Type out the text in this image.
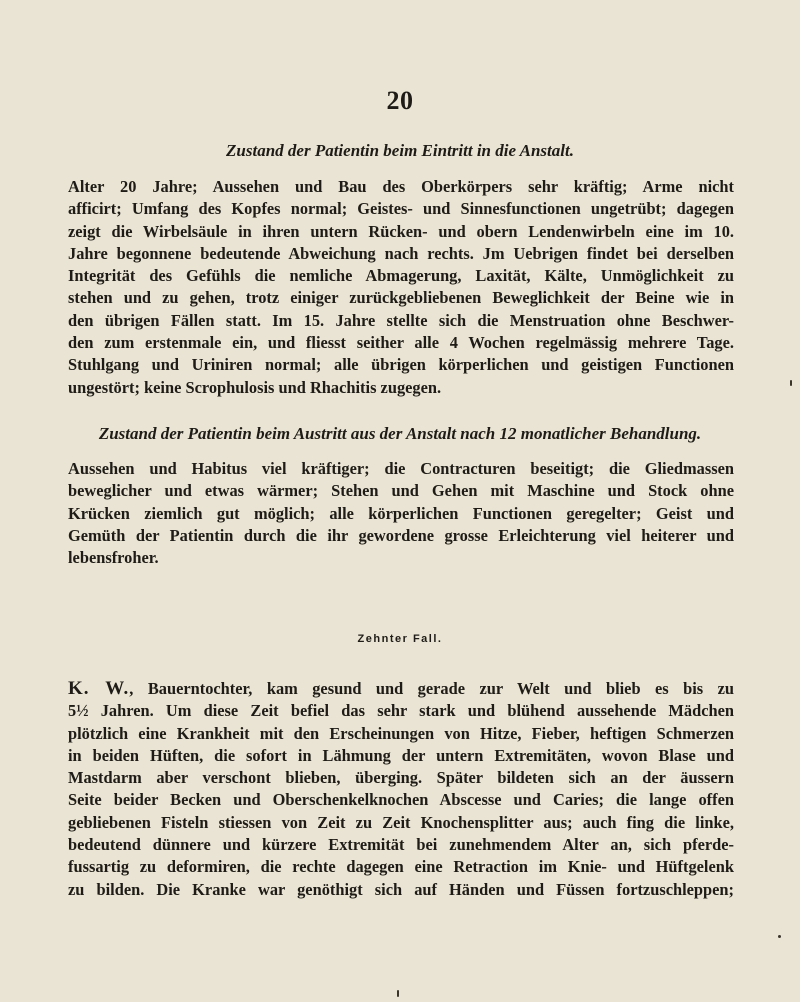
20
Zustand der Patientin beim Eintritt in die Anstalt.
Alter 20 Jahre; Aussehen und Bau des Oberkörpers sehr kräftig; Arme nicht
afficirt; Umfang des Kopfes normal; Geistes- und Sinnesfunctionen ungetrübt; dagegen
zeigt die Wirbelsäule in ihren untern Rücken- und obern Lendenwirbeln eine im 10.
Jahre begonnene bedeutende Abweichung nach rechts. Jm Uebrigen findet bei derselben
Integrität des Gefühls die nemliche Abmagerung, Laxität, Kälte, Unmöglichkeit zu
stehen und zu gehen, trotz einiger zurückgebliebenen Beweglichkeit der Beine wie in
den übrigen Fällen statt. Im 15. Jahre stellte sich die Menstruation ohne Beschwer-
den zum erstenmale ein, und fliesst seither alle 4 Wochen regelmässig mehrere Tage.
Stuhlgang und Uriniren normal; alle übrigen körperlichen und geistigen Functionen
ungestört; keine Scrophulosis und Rhachitis zugegen.
Zustand der Patientin beim Austritt aus der Anstalt nach 12 monatlicher Behandlung.
Aussehen und Habitus viel kräftiger; die Contracturen beseitigt; die Gliedmassen
beweglicher und etwas wärmer; Stehen und Gehen mit Maschine und Stock ohne
Krücken ziemlich gut möglich; alle körperlichen Functionen geregelter; Geist und
Gemüth der Patientin durch die ihr gewordene grosse Erleichterung viel heiterer und
lebensfroher.
Zehnter Fall.
K. W., Bauerntochter, kam gesund und gerade zur Welt und blieb es bis zu
5½ Jahren. Um diese Zeit befiel das sehr stark und blühend aussehende Mädchen
plötzlich eine Krankheit mit den Erscheinungen von Hitze, Fieber, heftigen Schmerzen
in beiden Hüften, die sofort in Lähmung der untern Extremitäten, wovon Blase und
Mastdarm aber verschont blieben, überging. Später bildeten sich an der äussern
Seite beider Becken und Oberschenkelknochen Abscesse und Caries; die lange offen
gebliebenen Fisteln stiessen von Zeit zu Zeit Knochensplitter aus; auch fing die linke,
bedeutend dünnere und kürzere Extremität bei zunehmendem Alter an, sich pferde-
fussartig zu deformiren, die rechte dagegen eine Retraction im Knie- und Hüftgelenk
zu bilden. Die Kranke war genöthigt sich auf Händen und Füssen fortzuschleppen;
